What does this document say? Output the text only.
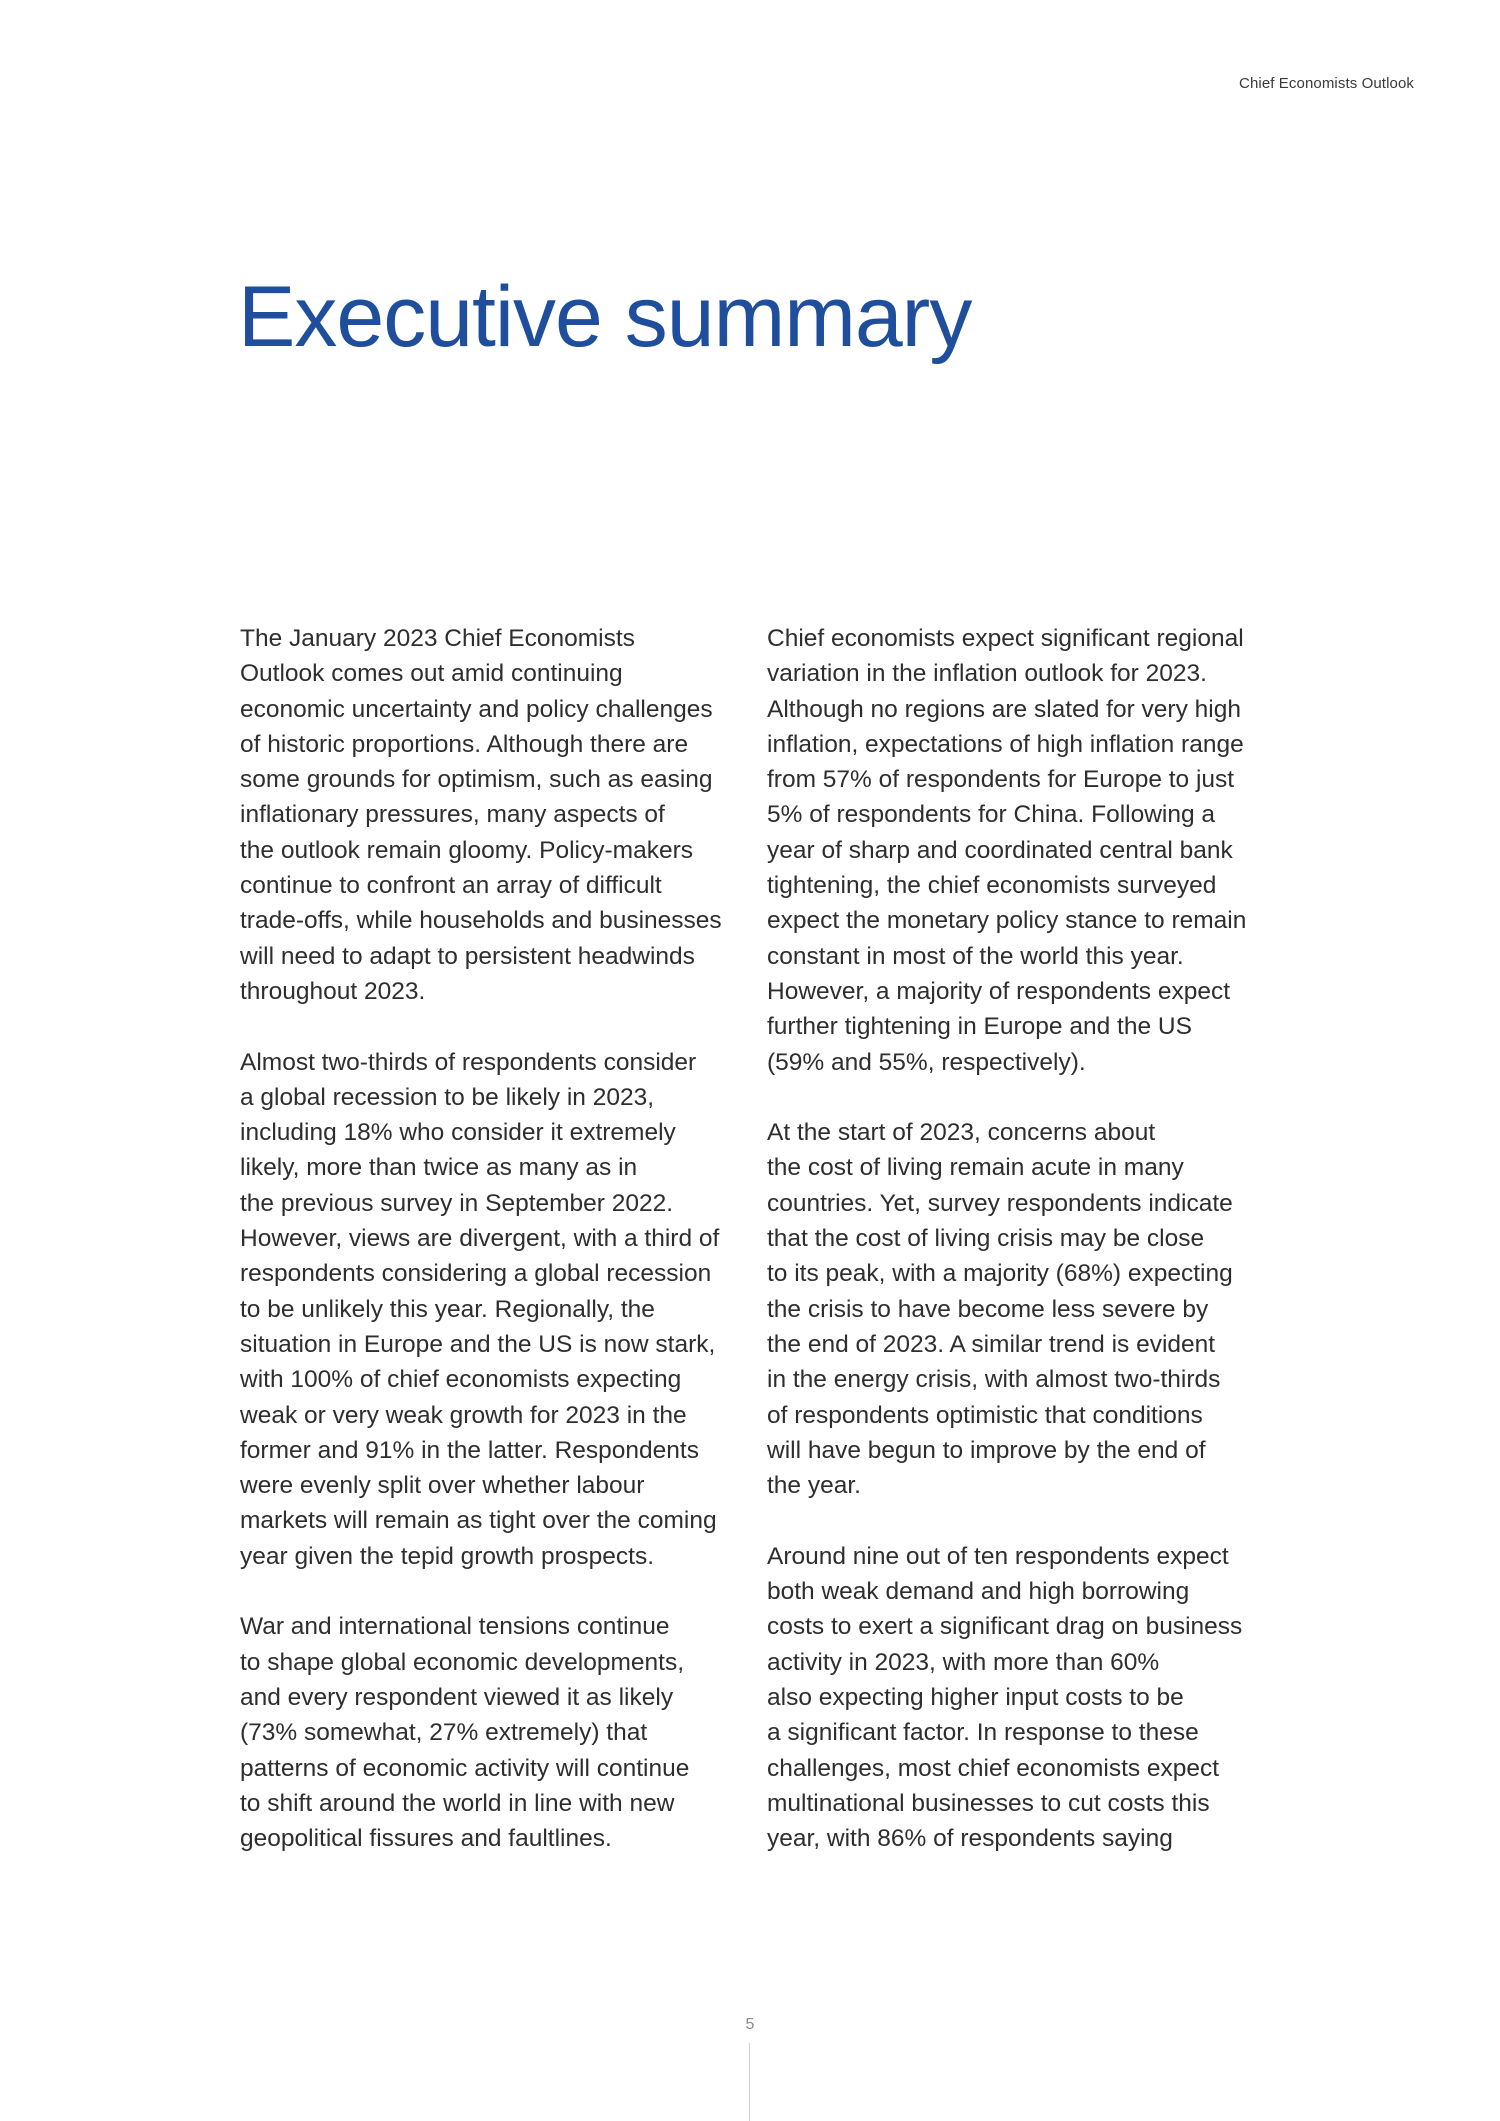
Chief Economists Outlook
Executive summary

The January 2023 Chief Economists
Outlook comes out amid continuing
economic uncertainty and policy challenges
of historic proportions. Although there are
some grounds for optimism, such as easing
inflationary pressures, many aspects of
the outlook remain gloomy. Policy-makers
continue to confront an array of difficult
trade-offs, while households and businesses
will need to adapt to persistent headwinds
throughout 2023.

Almost two-thirds of respondents consider
a global recession to be likely in 2023,
including 18% who consider it extremely
likely, more than twice as many as in
the previous survey in September 2022.
However, views are divergent, with a third of
respondents considering a global recession
to be unlikely this year. Regionally, the
situation in Europe and the US is now stark,
with 100% of chief economists expecting
weak or very weak growth for 2023 in the
former and 91% in the latter. Respondents
were evenly split over whether labour
markets will remain as tight over the coming
year given the tepid growth prospects.

War and international tensions continue
to shape global economic developments,
and every respondent viewed it as likely
(73% somewhat, 27% extremely) that
patterns of economic activity will continue
to shift around the world in line with new
geopolitical fissures and faultlines.

Chief economists expect significant regional
variation in the inflation outlook for 2023.
Although no regions are slated for very high
inflation, expectations of high inflation range
from 57% of respondents for Europe to just
5% of respondents for China. Following a
year of sharp and coordinated central bank
tightening, the chief economists surveyed
expect the monetary policy stance to remain
constant in most of the world this year.
However, a majority of respondents expect
further tightening in Europe and the US
(59% and 55%, respectively).

At the start of 2023, concerns about
the cost of living remain acute in many
countries. Yet, survey respondents indicate
that the cost of living crisis may be close
to its peak, with a majority (68%) expecting
the crisis to have become less severe by
the end of 2023. A similar trend is evident
in the energy crisis, with almost two-thirds
of respondents optimistic that conditions
will have begun to improve by the end of
the year.

Around nine out of ten respondents expect
both weak demand and high borrowing
costs to exert a significant drag on business
activity in 2023, with more than 60%
also expecting higher input costs to be
a significant factor. In response to these
challenges, most chief economists expect
multinational businesses to cut costs this
year, with 86% of respondents saying

5
